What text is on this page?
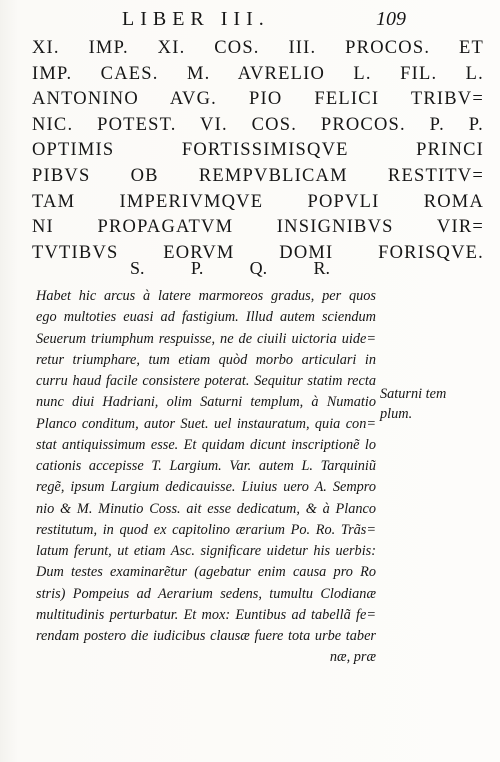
LIBER III.	109
XI. IMP. XI. COS. III. PROCOS. ET
IMP. CAES. M. AVRELIO L. FIL. L.
ANTONINO AVG. PIO FELICI TRIBV=
NIC. POTEST. VI. COS. PROCOS. P. P.
OPTIMIS FORTISSIMISQVE PRINCI
PIBVS OB REMPVBLICAM RESTITV=
TAM IMPERIVMQVE POPVLI ROMA
NI PROPAGATVM INSIGNIBVS VIR=
TVTIBVS EORVM DOMI FORISQVE.
S.	P.	Q.	R.
Habet hic arcus à latere marmoreos gradus, per quos
ego multoties euasi ad fastigium. Illud autem sciendum
Seuerum triumphum respuisse, ne de ciuili uictoria uide=
retur triumphare, tum etiam quòd morbo articulari in
curru haud facile consistere poterat. Sequitur statim recta
nunc diui Hadriani, olim Saturni templum, à Numatio
Planco conditum, autor Suet. uel instauratum, quia con=
stat antiquissimum esse. Et quidam dicunt inscriptionẽ lo
cationis accepisse T. Largium. Var. autem L. Tarquiniũ
regẽ, ipsum Largium dedicauisse. Liuius uero A. Sempro
nio & M. Minutio Coss. ait esse dedicatum, & à Planco
restitutum, in quod ex capitolino ærarium Po. Ro. Trãs=
latum ferunt, ut etiam Asc. significare uidetur his uerbis:
Dum testes examinarẽtur (agebatur enim causa pro Ro
stris) Pompeius ad Aerarium sedens, tumultu Clodianæ
multitudinis perturbatur. Et mox: Euntibus ad tabellã fe=
rendam postero die iudicibus clausæ fuere tota urbe taber
næ, præ
Saturni tem
plum.
